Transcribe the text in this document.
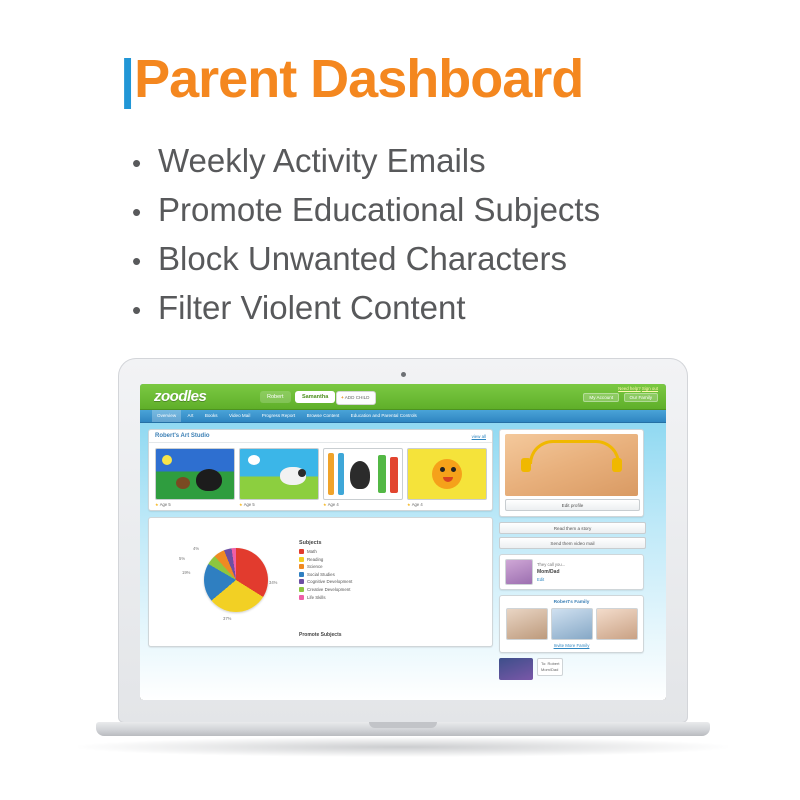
|Parent Dashboard
• Weekly Activity Emails
• Promote Educational Subjects
• Block Unwanted Characters
• Filter Violent Content
zoodles	Robert	Samantha	+ ADD CHILD
Need help? Sign out
My Account	Our Family
Overview Art Books Video Mail Progress Report Browse Content Education and Parental Controls
Robert's Art Studio	view all
★ Age 5	★ Age 5	★ Age 4	★ Age 4
5%
4%
19%
37%
34%
Subjects
Math
Reading
Science
Social Studies
Cognitive Development
Creative Development
Life Skills
Promote Subjects
Edit profile
Read them a story
Send them video mail
They call you...
Mom/Dad
Edit
Robert's Family
Invite More Family
To: Robert
Mom/Dad
